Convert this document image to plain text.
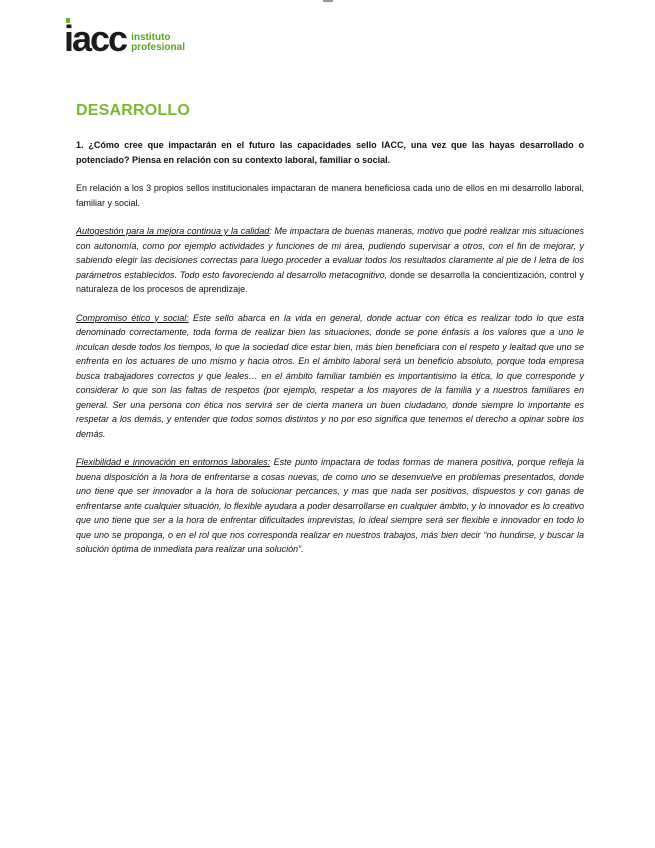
iacc instituto
profesional
DESARROLLO

1. ¿Cómo cree que impactarán en el futuro las capacidades sello IACC, una vez que las hayas desarrollado o potenciado? Piensa en relación con su contexto laboral, familiar o social.

En relación a los 3 propios sellos institucionales impactaran de manera beneficiosa cada uno de ellos en mi desarrollo laboral, familiar y social.

Autogestión para la mejora continua y la calidad: Me impactara de buenas maneras, motivo que podré realizar mis situaciones con autonomía, como por ejemplo actividades y funciones de mi área, pudiendo supervisar a otros, con el fin de mejorar, y sabiendo elegir las decisiones correctas para luego proceder a evaluar todos los resultados claramente al pie de l letra de los parámetros establecidos. Todo esto favoreciendo al desarrollo metacognitivo, donde se desarrolla la concientización, control y naturaleza de los procesos de aprendizaje.

Compromiso ético y social: Este sello abarca en la vida en general, donde actuar con ética es realizar todo lo que esta denominado correctamente, toda forma de realizar bien las situaciones, donde se pone énfasis a los valores que a uno le inculcan desde todos los tiempos, lo que la sociedad dice estar bien, más bien beneficiara con el respeto y lealtad que uno se enfrenta en los actuares de uno mismo y hacia otros. En el ámbito laboral será un beneficio absoluto, porque toda empresa busca trabajadores correctos y que leales… en el ámbito familiar también es importantisimo la ética, lo que corresponde y considerar lo que son las faltas de respetos (por ejemplo, respetar a los mayores de la familia y a nuestros familiares en general. Ser una persona con ética nos servirá ser de cierta manera un buen ciudadano, donde siempre lo importante es respetar a los demás, y entender que todos somos distintos y no por eso significa que tenemos el derecho a opinar sobre los demás.

Flexibilidad e innovación en entornos laborales: Este punto impactara de todas formas de manera positiva, porque refleja la buena disposición a la hora de enfrentarse a cosas nuevas, de como uno se desenvuelve en problemas presentados, donde uno tiene que ser innovador a la hora de solucionar percances, y mas que nada ser positivos, dispuestos y con ganas de enfrentarse ante cualquier situación, lo flexible ayudara a poder desarrollarse en cualquier ámbito, y lo innovador es lo creativo que uno tiene que ser a la hora de enfrentar dificultades imprevistas, lo ideal siempre será ser flexible e innovador en todo lo que uno se proponga, o en el rol que nos corresponda realizar en nuestros trabajos, más bien decir “no hundirse, y buscar la solución óptima de inmediata para realizar una solución”.
